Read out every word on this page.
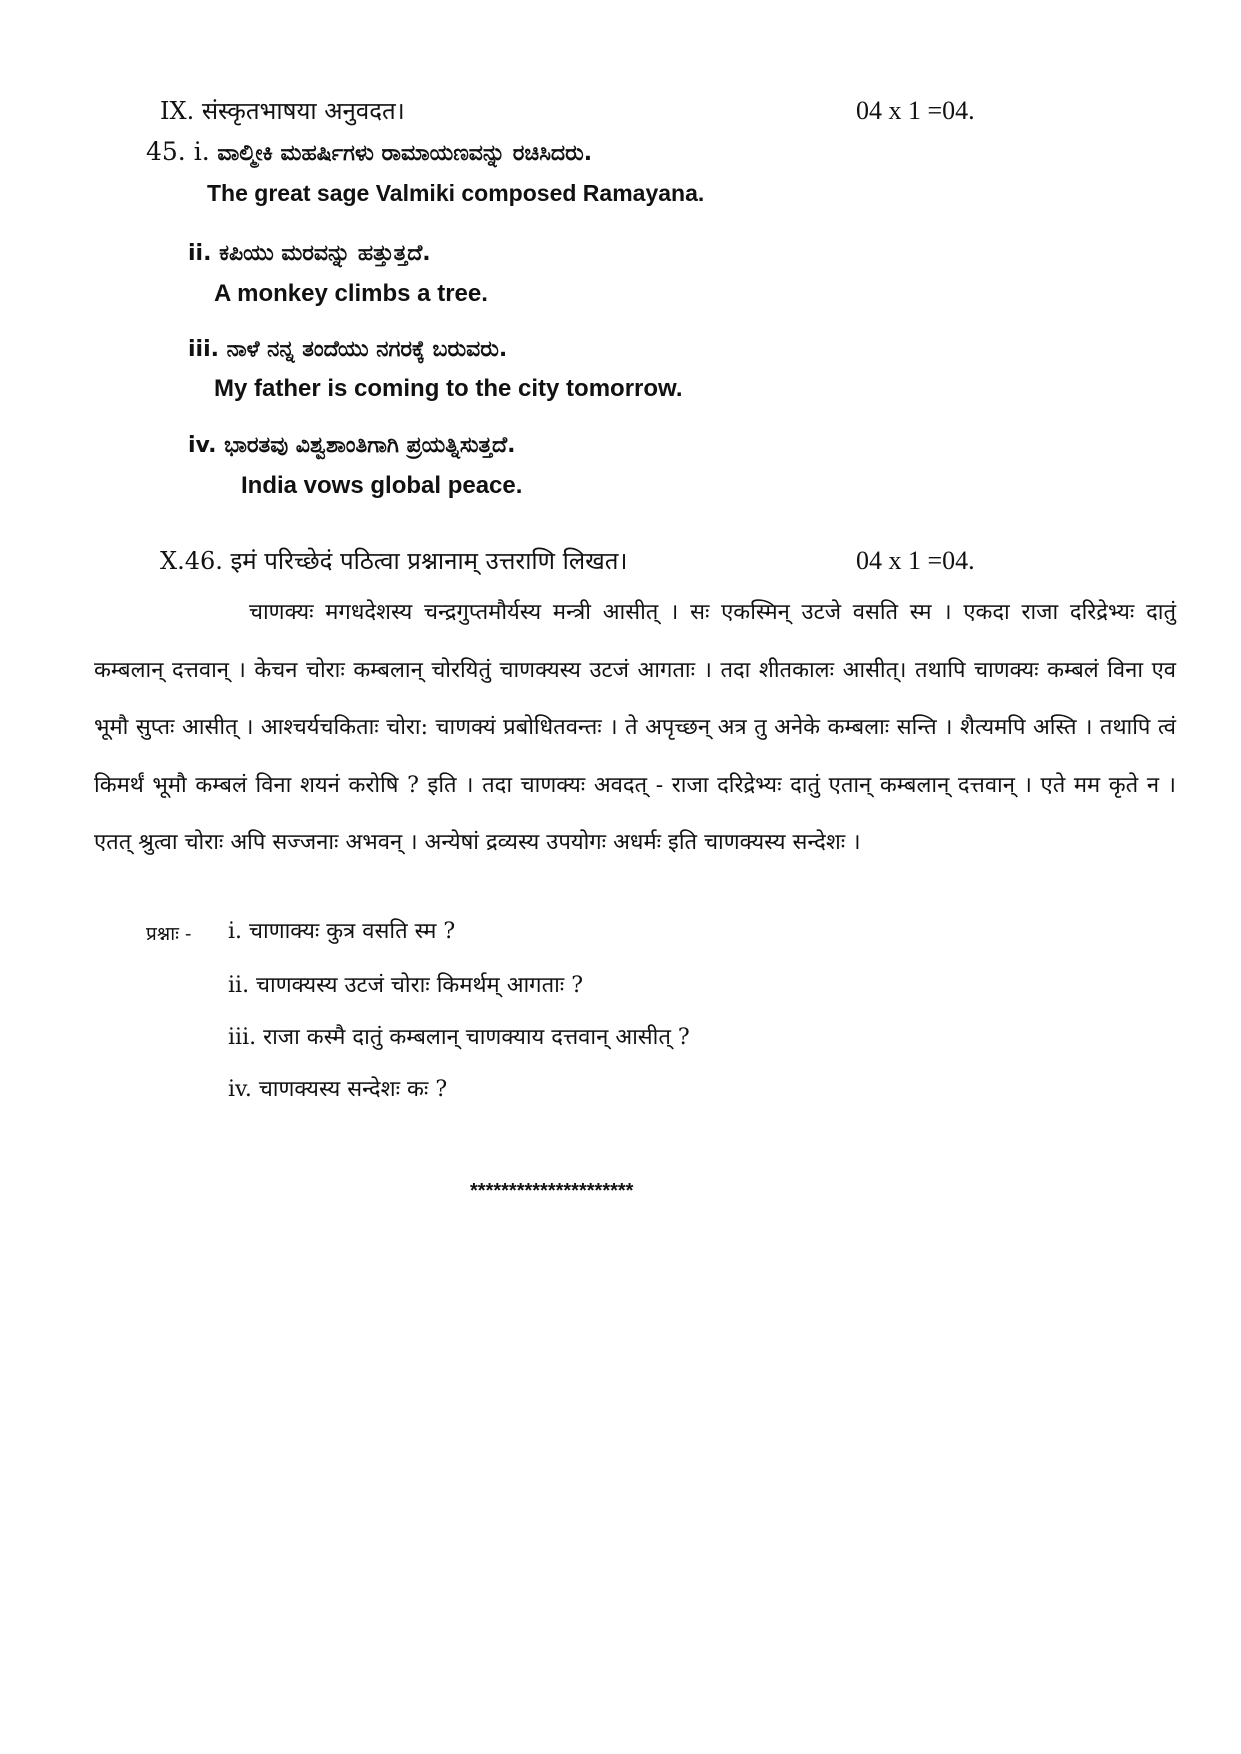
IX. संस्कृतभाषया अनुवदत।	04 x 1 =04.
45. i. ವಾಲ್ಮೀಕಿ ಮಹರ್ಷಿಗಳು ರಾಮಾಯಣವನ್ನು ರಚಿಸಿದರು.
The great sage Valmiki composed Ramayana.
ii. ಕಪಿಯು ಮರವನ್ನು ಹತ್ತುತ್ತದೆ.
A monkey climbs a tree.
iii. ನಾಳೆ ನನ್ನ ತಂದೆಯು ನಗರಕ್ಕೆ ಬರುವರು.
My father is coming to the city tomorrow.
iv. ಭಾರತವು ವಿಶ್ವಶಾಂತಿಗಾಗಿ ಪ್ರಯತ್ನಿಸುತ್ತದೆ.
India vows global peace.
X.46. इमं परिच्छेदं पठित्वा प्रश्नानाम् उत्तराणि लिखत।	04 x 1 =04.
चाणक्यः मगधदेशस्य चन्द्रगुप्तमौर्यस्य मन्त्री आसीत् । सः एकस्मिन् उटजे वसति स्म । एकदा राजा दरिद्रेभ्यः दातुं कम्बलान् दत्तवान् । केचन चोराः कम्बलान् चोरयितुं चाणक्यस्य उटजं आगताः । तदा शीतकालः आसीत्। तथापि चाणक्यः कम्बलं विना एव भूमौ सुप्तः आसीत् । आश्चर्यचकिताः चोरा: चाणक्यं प्रबोधितवन्तः । ते अपृच्छन् अत्र तु अनेके कम्बलाः सन्ति । शैत्यमपि अस्ति । तथापि त्वं किमर्थं भूमौ कम्बलं विना शयनं करोषि ? इति । तदा चाणक्यः अवदत् - राजा दरिद्रेभ्यः दातुं एतान् कम्बलान् दत्तवान् । एते मम कृते न । एतत् श्रुत्वा चोराः अपि सज्जनाः अभवन् । अन्येषां द्रव्यस्य उपयोगः अधर्मः इति चाणक्यस्य सन्देशः ।
प्रश्नाः - i. चाणाक्यः कुत्र वसति स्म ?
ii. चाणक्यस्य उटजं चोराः किमर्थम् आगताः ?
iii. राजा कस्मै दातुं कम्बलान् चाणक्याय दत्तवान् आसीत् ?
iv. चाणक्यस्य सन्देशः कः ?
*********************
